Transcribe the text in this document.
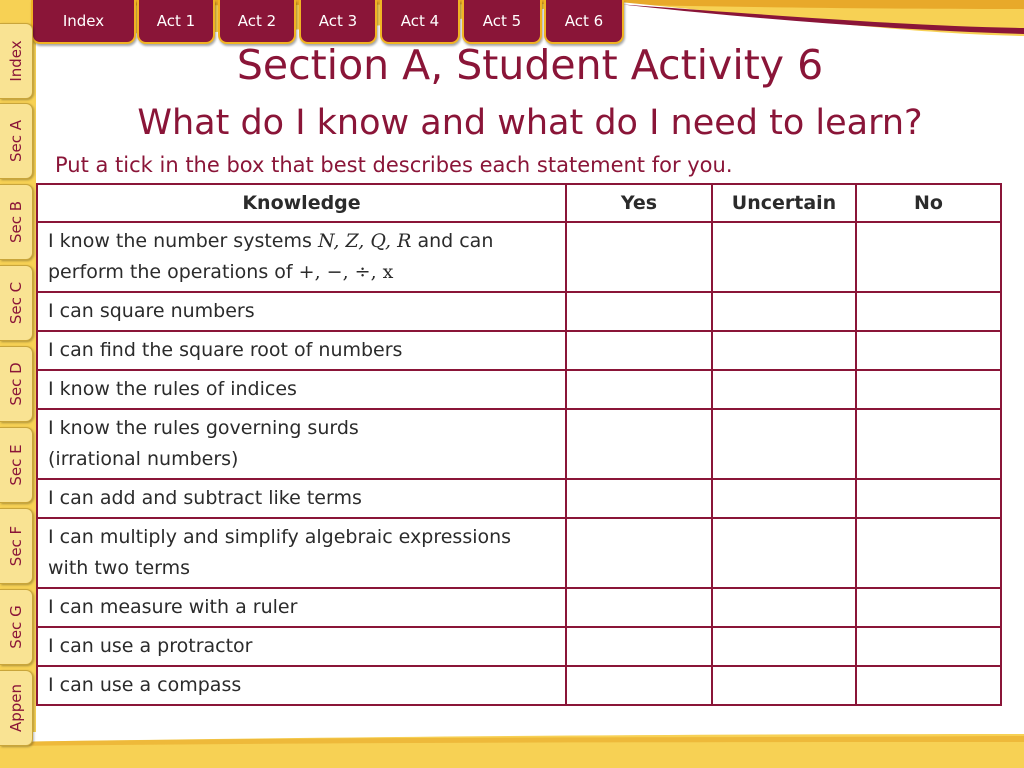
Index	Act 1	Act 2	Act 3	Act 4	Act 5	Act 6
Index
Sec A
Sec B
Sec C
Sec D
Sec E
Sec F
Sec G
Appen
Section A, Student Activity 6
What do I know and what do I need to learn?
Put a tick in the box that best describes each statement for you.
Knowledge	Yes	Uncertain	No
I know the number systems N, Z, Q, R and can
perform the operations of +, −, ÷, x			
I can square numbers			
I can find the square root of numbers			
I know the rules of indices			
I know the rules governing surds
(irrational numbers)			
I can add and subtract like terms			
I can multiply and simplify algebraic expressions
with two terms			
I can measure with a ruler			
I can use a protractor			
I can use a compass			
